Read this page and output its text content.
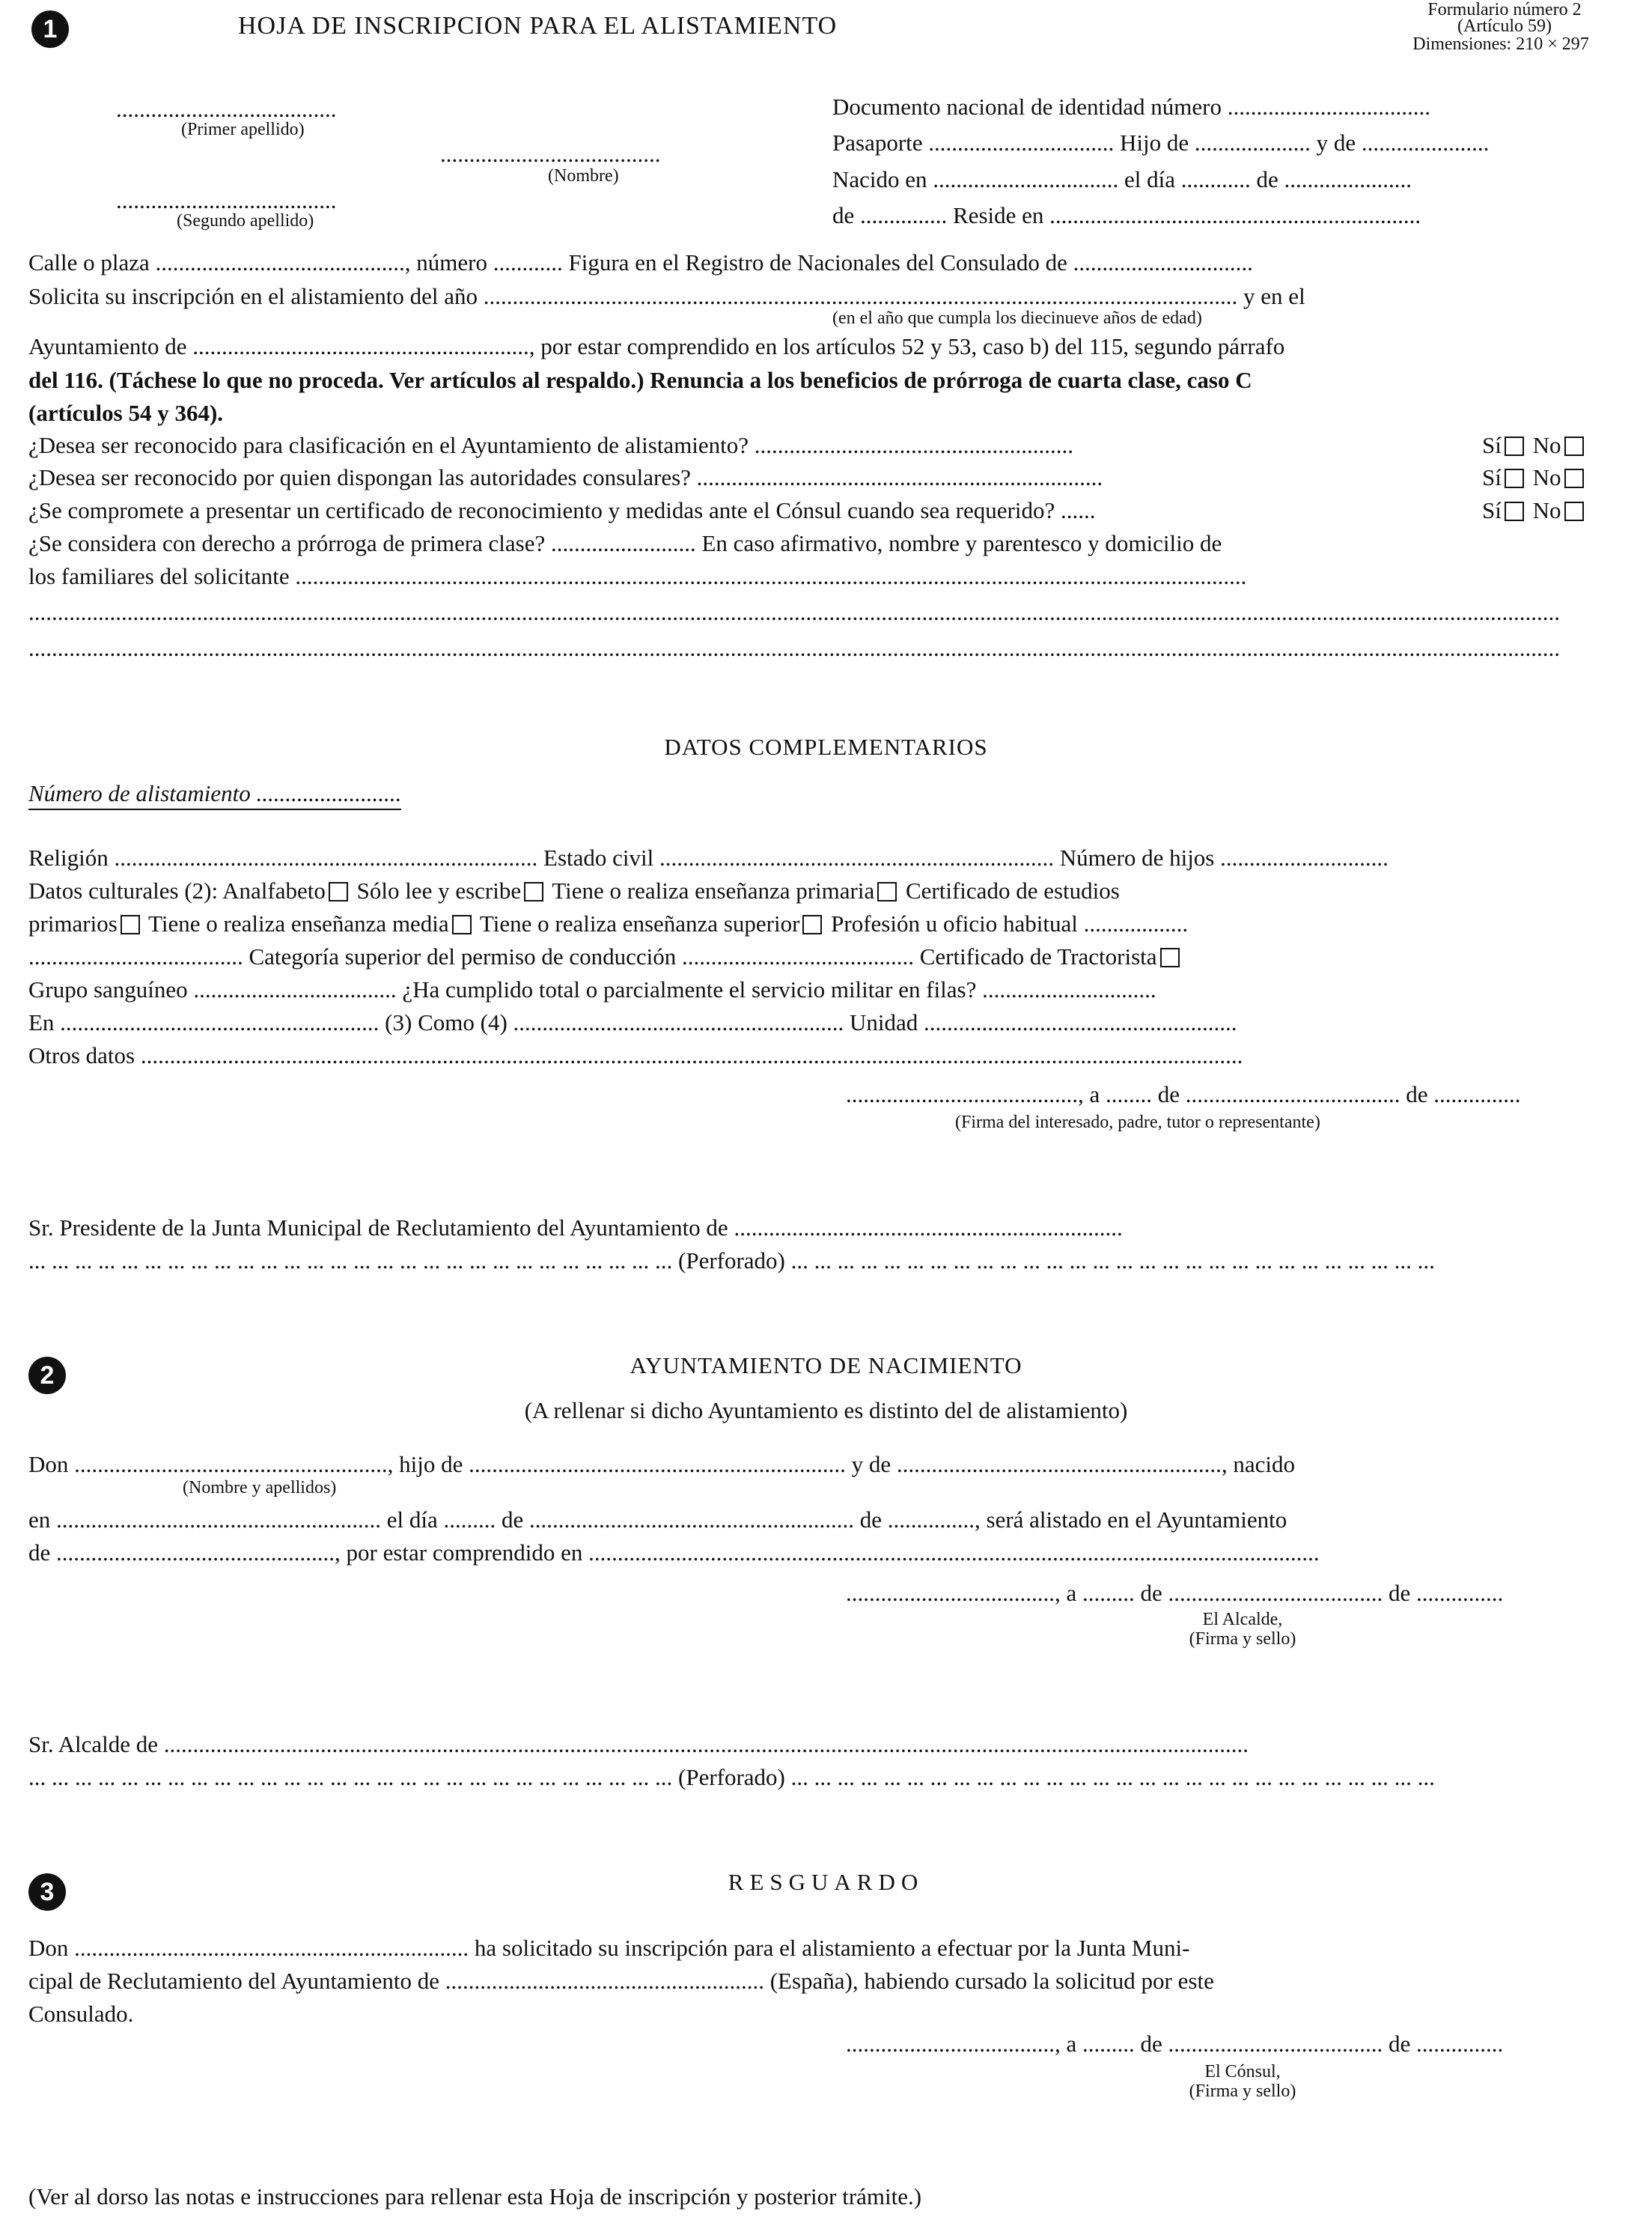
1	HOJA DE INSCRIPCION PARA EL ALISTAMIENTO
Formulario número 2
(Artículo 59)
Dimensiones: 210 × 297
......................................
(Primer apellido)
......................................
(Nombre)
......................................
(Segundo apellido)
Documento nacional de identidad número ...................................
Pasaporte ................................ Hijo de .................... y de ......................
Nacido en ................................ el día ............ de ......................
de ............... Reside en ................................................................
Calle o plaza ..........................................., número ............ Figura en el Registro de Nacionales del Consulado de ...............................
Solicita su inscripción en el alistamiento del año .................................................................................................................................. y en el
(en el año que cumpla los diecinueve años de edad)
Ayuntamiento de .........................................................., por estar comprendido en los artículos 52 y 53, caso b) del 115, segundo párrafo
del 116. (Táchese lo que no proceda. Ver artículos al respaldo.) Renuncia a los beneficios de prórroga de cuarta clase, caso C
(artículos 54 y 364).
¿Desea ser reconocido para clasificación en el Ayuntamiento de alistamiento? .......................................................	Sí No
¿Desea ser reconocido por quien dispongan las autoridades consulares? ......................................................................	Sí No
¿Se compromete a presentar un certificado de reconocimiento y medidas ante el Cónsul cuando sea requerido? ......	Sí No
¿Se considera con derecho a prórroga de primera clase? ......................... En caso afirmativo, nombre y parentesco y domicilio de
los familiares del solicitante ....................................................................................................................................................................
........................................................................................................................................................................................................................................................................
........................................................................................................................................................................................................................................................................
DATOS COMPLEMENTARIOS
Número de alistamiento .........................
Religión ......................................................................... Estado civil .................................................................... Número de hijos .............................
Datos culturales (2): Analfabeto Sólo lee y escribe Tiene o realiza enseñanza primaria Certificado de estudios
primarios Tiene o realiza enseñanza media Tiene o realiza enseñanza superior Profesión u oficio habitual ..................
..................................... Categoría superior del permiso de conducción ........................................ Certificado de Tractorista
Grupo sanguíneo ................................... ¿Ha cumplido total o parcialmente el servicio militar en filas? ..............................
En ....................................................... (3) Como (4) ......................................................... Unidad ......................................................
Otros datos ..............................................................................................................................................................................................
........................................, a ........ de ..................................... de ...............
(Firma del interesado, padre, tutor o representante)
Sr. Presidente de la Junta Municipal de Reclutamiento del Ayuntamiento de ...................................................................
... ... ... ... ... ... ... ... ... ... ... ... ... ... ... ... ... ... ... ... ... ... ... ... ... ... ... ... (Perforado) ... ... ... ... ... ... ... ... ... ... ... ... ... ... ... ... ... ... ... ... ... ... ... ... ... ... ... ...
2	AYUNTAMIENTO DE NACIMIENTO
(A rellenar si dicho Ayuntamiento es distinto del de alistamiento)
Don ......................................................, hijo de ................................................................. y de ........................................................, nacido
(Nombre y apellidos)
en ........................................................ el día ......... de ........................................................ de ..............., será alistado en el Ayuntamiento
de ................................................, por estar comprendido en ..............................................................................................................................
...................................., a ......... de ..................................... de ...............
El Alcalde,
(Firma y sello)
Sr. Alcalde de ...........................................................................................................................................................................................
... ... ... ... ... ... ... ... ... ... ... ... ... ... ... ... ... ... ... ... ... ... ... ... ... ... ... ... (Perforado) ... ... ... ... ... ... ... ... ... ... ... ... ... ... ... ... ... ... ... ... ... ... ... ... ... ... ... ...
3	RESGUARDO
Don .................................................................... ha solicitado su inscripción para el alistamiento a efectuar por la Junta Muni-
cipal de Reclutamiento del Ayuntamiento de ....................................................... (España), habiendo cursado la solicitud por este
Consulado.
...................................., a ......... de ..................................... de ...............
El Cónsul,
(Firma y sello)
(Ver al dorso las notas e instrucciones para rellenar esta Hoja de inscripción y posterior trámite.)
